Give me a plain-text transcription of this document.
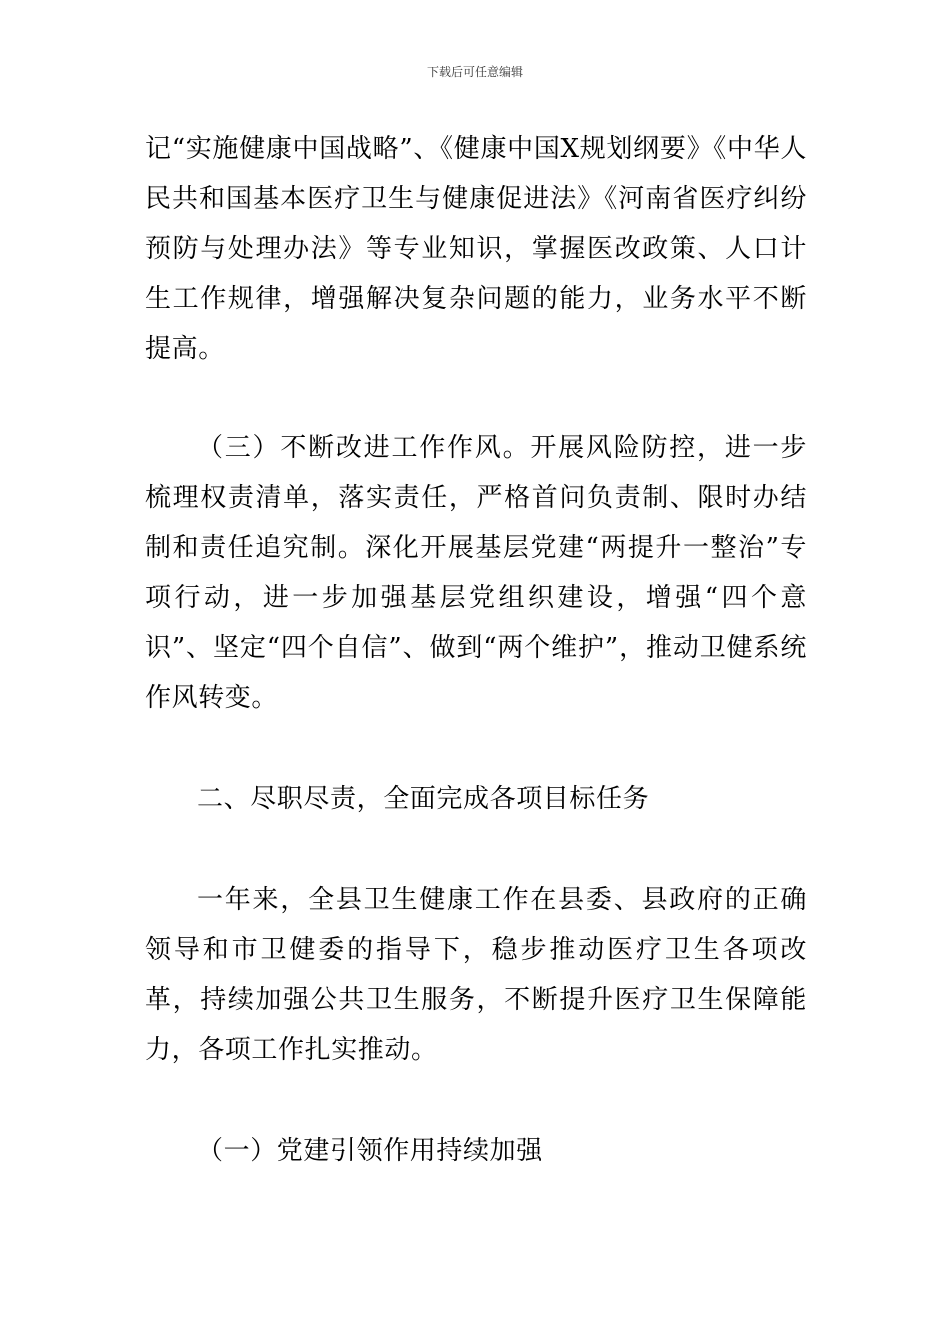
下载后可任意编辑

记“实施健康中国战略”、《健康中国X规划纲要》《中华人民共和国基本医疗卫生与健康促进法》《河南省医疗纠纷预防与处理办法》等专业知识，掌握医改政策、人口计生工作规律，增强解决复杂问题的能力，业务水平不断提高。

（三）不断改进工作作风。开展风险防控，进一步梳理权责清单，落实责任，严格首问负责制、限时办结制和责任追究制。深化开展基层党建“两提升一整治”专项行动，进一步加强基层党组织建设，增强“四个意识”、坚定“四个自信”、做到“两个维护”，推动卫健系统作风转变。

二、尽职尽责，全面完成各项目标任务

一年来，全县卫生健康工作在县委、县政府的正确领导和市卫健委的指导下，稳步推动医疗卫生各项改革，持续加强公共卫生服务，不断提升医疗卫生保障能力，各项工作扎实推动。

（一）党建引领作用持续加强
